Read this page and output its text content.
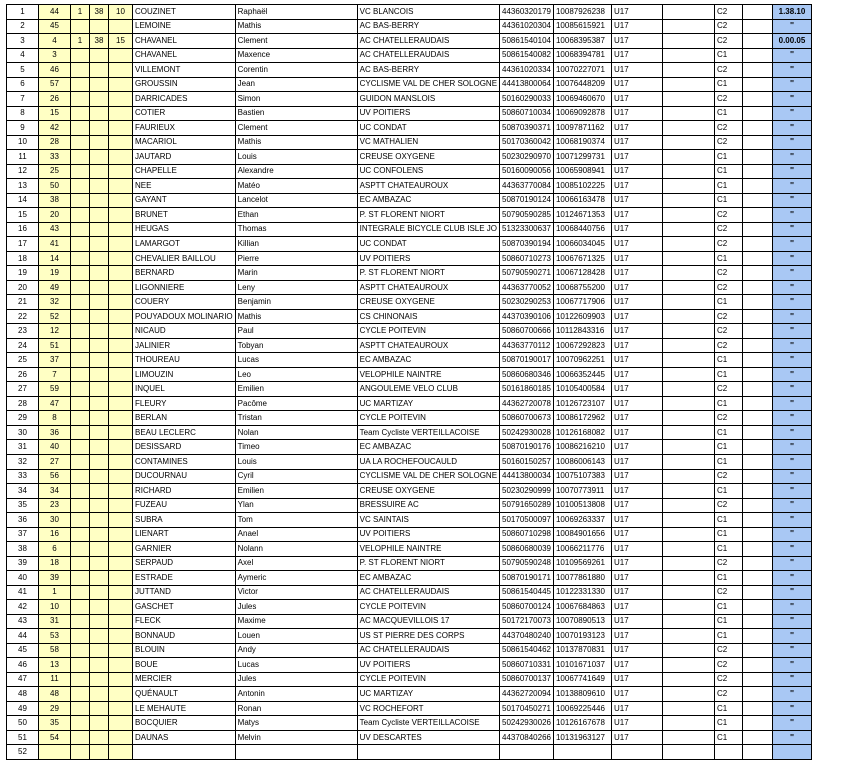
1	44	1	38	10	COUZINET	Raphaël	VC BLANCOIS	44360320179	10087926238	U17		C2		1.38.10
2	45				LEMOINE	Mathis	AC BAS-BERRY	44361020304	10085615921	U17		C2		''
3	4	1	38	15	CHAVANEL	Clement	AC CHATELLERAUDAIS	50861540104	10068395387	U17		C2		0.00.05
4	3				CHAVANEL	Maxence	AC CHATELLERAUDAIS	50861540082	10068394781	U17		C1		''
5	46				VILLEMONT	Corentin	AC BAS-BERRY	44361020334	10070227071	U17		C2		''
6	57				GROUSSIN	Jean	CYCLISME VAL DE CHER SOLOGNE	44413800064	10076448209	U17		C1		''
7	26				DARRICADES	Simon	GUIDON MANSLOIS	50160290033	10069460670	U17		C2		''
8	15				COTIER	Bastien	UV POITIERS	50860710034	10069092878	U17		C1		''
9	42				FAURIEUX	Clement	UC CONDAT	50870390371	10097871162	U17		C2		''
10	28				MACARIOL	Mathis	VC MATHALIEN	50170360042	10068190374	U17		C2		''
11	33				JAUTARD	Louis	CREUSE OXYGENE	50230290970	10071299731	U17		C1		''
12	25				CHAPELLE	Alexandre	UC CONFOLENS	50160090056	10065908941	U17		C1		''
13	50				NEE	Matéo	ASPTT CHATEAUROUX	44363770084	10085102225	U17		C1		''
14	38				GAYANT	Lancelot	EC AMBAZAC	50870190124	10066163478	U17		C1		''
15	20				BRUNET	Ethan	P. ST FLORENT NIORT	50790590285	10124671353	U17		C2		''
16	43				HEUGAS	Thomas	INTEGRALE BICYCLE CLUB ISLE JO	51323300637	10068440756	U17		C2		''
17	41				LAMARGOT	Killian	UC CONDAT	50870390194	10066034045	U17		C2		''
18	14				CHEVALIER BAILLOU	Pierre	UV POITIERS	50860710273	10067671325	U17		C1		''
19	19				BERNARD	Marin	P. ST FLORENT NIORT	50790590271	10067128428	U17		C2		''
20	49				LIGONNIERE	Leny	ASPTT CHATEAUROUX	44363770052	10068755200	U17		C2		''
21	32				COUERY	Benjamin	CREUSE OXYGENE	50230290253	10067717906	U17		C1		''
22	52				POUYADOUX MOLINARIO	Mathis	CS CHINONAIS	44370390106	10122609903	U17		C2		''
23	12				NICAUD	Paul	CYCLE POITEVIN	50860700666	10112843316	U17		C2		''
24	51				JALINIER	Tobyan	ASPTT CHATEAUROUX	44363770112	10067292823	U17		C2		''
25	37				THOUREAU	Lucas	EC AMBAZAC	50870190017	10070962251	U17		C1		''
26	7				LIMOUZIN	Leo	VELOPHILE NAINTRE	50860680346	10066352445	U17		C1		''
27	59				INQUEL	Emilien	ANGOULEME VELO CLUB	50161860185	10105400584	U17		C2		''
28	47				FLEURY	Pacôme	UC MARTIZAY	44362720078	10126723107	U17		C1		''
29	8				BERLAN	Tristan	CYCLE POITEVIN	50860700673	10086172962	U17		C2		''
30	36				BEAU LECLERC	Nolan	Team Cycliste VERTEILLACOISE	50242930028	10126168082	U17		C1		''
31	40				DESISSARD	Timeo	EC AMBAZAC	50870190176	10086216210	U17		C1		''
32	27				CONTAMINES	Louis	UA LA ROCHEFOUCAULD	50160150257	10086006143	U17		C1		''
33	56				DUCOURNAU	Cyril	CYCLISME VAL DE CHER SOLOGNE	44413800034	10075107383	U17		C2		''
34	34				RICHARD	Emilien	CREUSE OXYGENE	50230290999	10070773911	U17		C1		''
35	23				FUZEAU	Ylan	BRESSUIRE AC	50791650289	10100513808	U17		C2		''
36	30				SUBRA	Tom	VC SAINTAIS	50170500097	10069263337	U17		C1		''
37	16				LIENART	Anael	UV POITIERS	50860710298	10084901656	U17		C1		''
38	6				GARNIER	Nolann	VELOPHILE NAINTRE	50860680039	10066211776	U17		C1		''
39	18				SERPAUD	Axel	P. ST FLORENT NIORT	50790590248	10109569261	U17		C2		''
40	39				ESTRADE	Aymeric	EC AMBAZAC	50870190171	10077861880	U17		C1		''
41	1				JUTTAND	Victor	AC CHATELLERAUDAIS	50861540445	10122331330	U17		C2		''
42	10				GASCHET	Jules	CYCLE POITEVIN	50860700124	10067684863	U17		C1		''
43	31				FLECK	Maxime	AC MACQUEVILLOIS 17	50172170073	10070890513	U17		C1		''
44	53				BONNAUD	Louen	US ST PIERRE DES CORPS	44370480240	10070193123	U17		C1		''
45	58				BLOUIN	Andy	AC CHATELLERAUDAIS	50861540462	10137870831	U17		C2		''
46	13				BOUE	Lucas	UV POITIERS	50860710331	10101671037	U17		C2		''
47	11				MERCIER	Jules	CYCLE POITEVIN	50860700137	10067741649	U17		C2		''
48	48				QUÉNAULT	Antonin	UC MARTIZAY	44362720094	10138809610	U17		C2		''
49	29				LE MEHAUTE	Ronan	VC ROCHEFORT	50170450271	10069225446	U17		C1		''
50	35				BOCQUIER	Matys	Team Cycliste VERTEILLACOISE	50242930026	10126167678	U17		C1		''
51	54				DAUNAS	Melvin	UV DESCARTES	44370840266	10131963127	U17		C1		''
52														
